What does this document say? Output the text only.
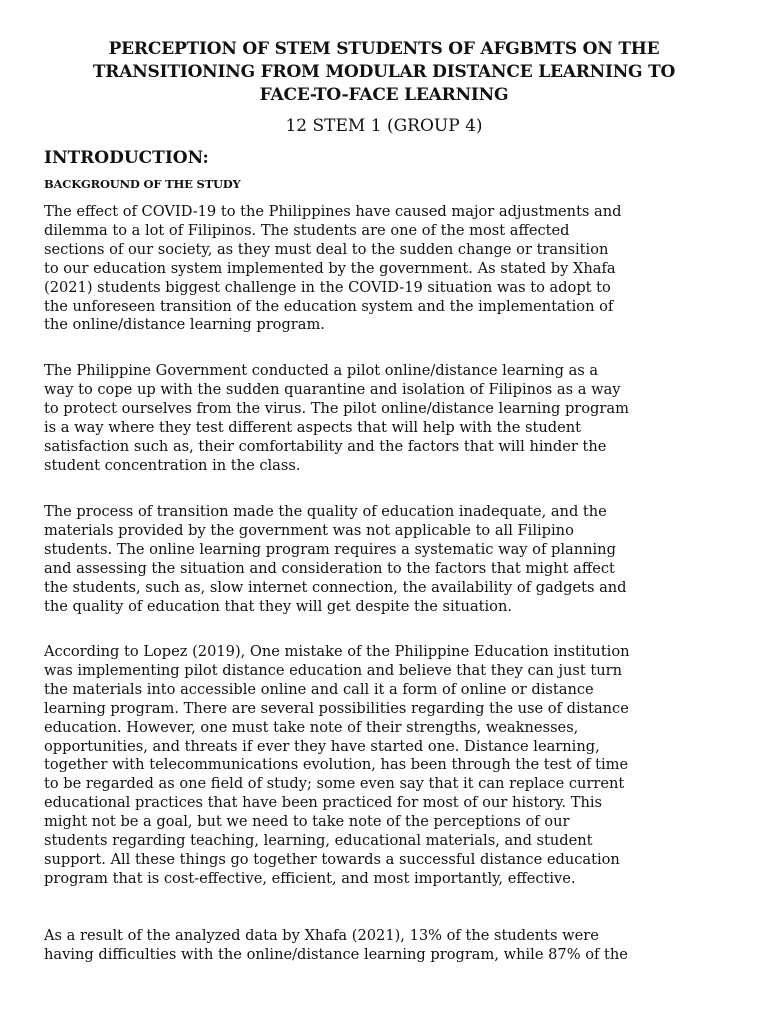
PERCEPTION OF STEM STUDENTS OF AFGBMTS ON THE
TRANSITIONING FROM MODULAR DISTANCE LEARNING TO
FACE-TO-FACE LEARNING
12 STEM 1 (GROUP 4)
INTRODUCTION:
BACKGROUND OF THE STUDY
The effect of COVID-19 to the Philippines have caused major adjustments and
dilemma to a lot of Filipinos. The students are one of the most affected
sections of our society, as they must deal to the sudden change or transition
to our education system implemented by the government. As stated by Xhafa
(2021) students biggest challenge in the COVID-19 situation was to adopt to
the unforeseen transition of the education system and the implementation of
the online/distance learning program.
The Philippine Government conducted a pilot online/distance learning as a
way to cope up with the sudden quarantine and isolation of Filipinos as a way
to protect ourselves from the virus. The pilot online/distance learning program
is a way where they test different aspects that will help with the student
satisfaction such as, their comfortability and the factors that will hinder the
student concentration in the class.
The process of transition made the quality of education inadequate, and the
materials provided by the government was not applicable to all Filipino
students. The online learning program requires a systematic way of planning
and assessing the situation and consideration to the factors that might affect
the students, such as, slow internet connection, the availability of gadgets and
the quality of education that they will get despite the situation.
According to Lopez (2019), One mistake of the Philippine Education institution
was implementing pilot distance education and believe that they can just turn
the materials into accessible online and call it a form of online or distance
learning program. There are several possibilities regarding the use of distance
education. However, one must take note of their strengths, weaknesses,
opportunities, and threats if ever they have started one. Distance learning,
together with telecommunications evolution, has been through the test of time
to be regarded as one field of study; some even say that it can replace current
educational practices that have been practiced for most of our history. This
might not be a goal, but we need to take note of the perceptions of our
students regarding teaching, learning, educational materials, and student
support. All these things go together towards a successful distance education
program that is cost-effective, efficient, and most importantly, effective.
As a result of the analyzed data by Xhafa (2021), 13% of the students were
having difficulties with the online/distance learning program, while 87% of the
